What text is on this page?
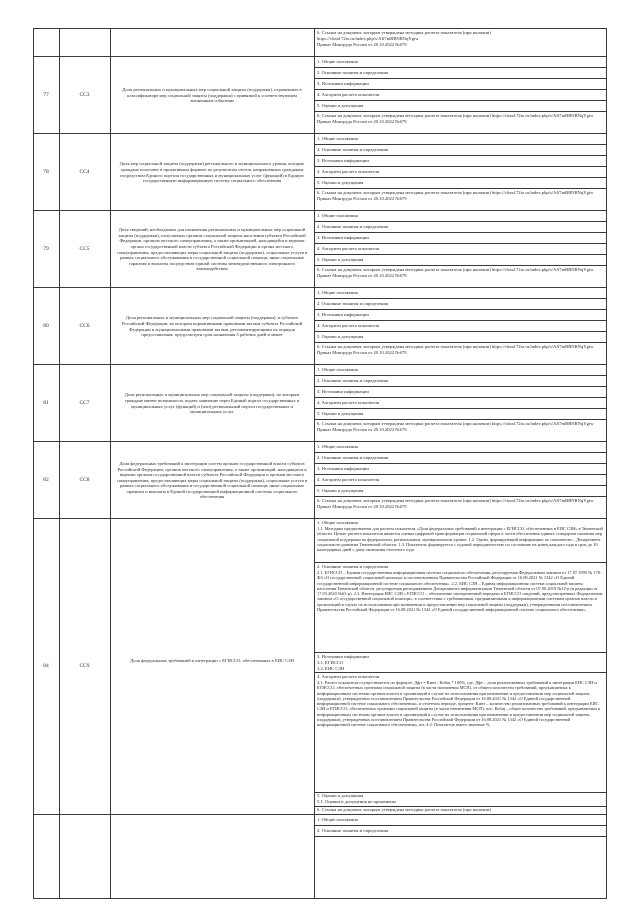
6. Ссылка на документ, которым утверждена методика расчета показателя (при наличии)
https://cloud.72to.ru/index.php/s/Aff7mBBNRNqYgiw
Приказ Минтруда России от 20.10.2022 №679
77	СС3
Доля региональных и муниципальных мер социальной защиты (поддержки), отраженных в классификаторе мер социальной защиты (поддержки) с привязкой к соответствующим жизненным событиям
1. Общие положения
2. Основные понятия и определения
3. Источники информации
4. Алгоритм расчета показателя
5. Оценки и допущения
6. Ссылка на документ, которым утверждена методика расчета показателя (при наличии) https://cloud.72to.ru/index.php/s/Aff7mBBNRNqYgiw Приказ Минтруда России от 20.10.2022 №679
78	СС4
Доля мер социальной защиты (поддержки) регионального и муниципального уровня, которые граждане получают в проактивном формате по результатам счетов, направленных гражданам посредством Единого портала государственных и муниципальных услуг (функций) в Единую государственную информационную систему социального обеспечения
1. Общие положения
2. Основные понятия и определения
3. Источники информации
4. Алгоритм расчета показателя
5. Оценки и допущения
6. Ссылка на документ, которым утверждена методика расчета показателя (при наличии) https://cloud.72to.ru/index.php/s/Aff7mBBNRNqYgiw Приказ Минтруда России от 20.10.2022 №679
79	СС5
Доля сведений, необходимых для назначения региональных и муниципальных мер социальной защиты (поддержки), получаемых органом социальной защиты населения субъекта Российской Федерации, органом местного самоуправления, а также организацией, находящейся в ведении органа государственной власти субъекта Российской Федерации и органа местного самоуправления, предоставляющих меры социальной защиты (поддержки), социальные услуги в рамках социального обслуживания и государственной социальной помощи, иные социальные гарантии и выплаты посредством единой системы межведомственного электронного взаимодействия
1. Общие положения
2. Основные понятия и определения
3. Источники информации
4. Алгоритм расчета показателя
5. Оценки и допущения
6. Ссылка на документ, которым утверждена методика расчета показателя (при наличии) https://cloud.72to.ru/index.php/s/Aff7mBBNRNqYgiw Приказ Минтруда России от 20.10.2022 №679
80	СС6
Доля региональных и муниципальных мер социальной защиты (поддержки), в субъекте Российской Федерации, во которым нормативными правовыми актами субъекта Российской Федерации и муниципальными правовыми актами, регламентирующими их порядок предоставления, предусмотрен срок назначения 5 рабочих дней и менее
1. Общие положения
2. Основные понятия и определения
3. Источники информации
4. Алгоритм расчета показателя
5. Оценки и допущения
6. Ссылка на документ, которым утверждена методика расчета показателя (при наличии) https://cloud.72to.ru/index.php/s/Aff7mBBNRNqYgiw Приказ Минтруда России от 20.10.2022 №679
81	СС7
Доля региональных и муниципальных мер социальной защиты (поддержки), по которым граждане имеют возможность подать заявление через Единый портал государственных и муниципальных услуг (функций) и (или) региональный портал государственных и муниципальных услуг
1. Общие положения
2. Основные понятия и определения
3. Источники информации
4. Алгоритм расчета показателя
5. Оценки и допущения
6. Ссылка на документ, которым утверждена методика расчета показателя (при наличии) https://cloud.72to.ru/index.php/s/Aff7mBBNRNqYgiw Приказ Минтруда России от 20.10.2022 №679
82	СС8
Доля федеральных требований к интеграции систем органов государственной власти субъекта Российской Федерации, органов местного самоуправления, а также организаций, находящихся в ведении органов государственной власти субъекта Российской Федерации и органов местного самоуправления, предоставляющих меры социальной защиты (поддержки), социальные услуги в рамках социального обслуживания и государственной социальной помощи, иные социальные гарантии и выплаты в Единой государственной информационной системы социального обеспечения
1. Общие положения
2. Основные понятия и определения
3. Источники информации
4. Алгоритм расчета показателя
5. Оценки и допущения
6. Ссылка на документ, которым утверждена методика расчета показателя (при наличии) https://cloud.72to.ru/index.php/s/Aff7mBBNRNqYgiw Приказ Минтруда России от 20.10.2022 №679
84	СС9
Доля федеральных требований к интеграции с ЕГИССО, обеспеченных в ЕИС СЗН
1. Общие положения
1.1. Методика предназначена для расчета показателя «Доля федеральных требований к интеграции с ЕГИССО, обеспеченных в ЕИС СЗН» в Тюменской области. Целью расчета показателя является оценка цифровой трансформации социальной сферы в части обеспечения единых стандартов оказания мер социальной поддержки на федеральном, региональном, муниципальном уровне. 1.2. Орган, формирующий информацию по показателю – Департамент социального развития Тюменской области. 1.3. Показатель формируется с годовой периодичностью по состоянию на конец каждого года в срок до 10 календарных дней с даты окончания отчетного года.
2. Основные понятия и определения
2.1. ЕГИССО – Единая государственная информационная система социального обеспечения, регулируемая Федеральным законом от 17.07.1999 № 178-ФЗ «О государственной социальной помощи» и постановлением Правительства Российской Федерации от 16.08.2021 № 1342 «О Единой государственной информационной системе социального обеспечения». 2.2. ЕИС СЗН – Единая информационная система социальной защиты населения Тюменской области, регулируемая распоряжением Департамента информатизации Тюменской области от 07.06.2019 №12-р (в редакции от 17.03.2020 №63-р). 2.3. Интеграция ЕИС СЗН с ЕГИССО – обеспечение своевременной передачи в ЕГИССО сведений, предусмотренных Федеральным законом «О государственной социальной помощи», в соответствии с требованиями, предъявляемыми к информационным системам органов власти и организаций в случае их использования при назначении и предоставлении мер социальной защиты (поддержки), утвержденными постановлением Правительства Российской Федерации от 16.08.2021 № 1342 «О Единой государственной информационной системе социального обеспечения».
3. Источники информации
3.1. ЕГИССО
3.2. ЕИС СЗН
4. Алгоритм расчета показателя
4.1. Расчет показателя осуществляется по формуле: Дфт = Кинт / Кобщ * 100%, где: Дфт – доля реализованных требований к интеграции ЕИС СЗН и ЕГИССО, обеспеченных органами социальной защиты (в части назначения МСП), от общего количества требований, предъявляемых к информационным системам органов власти и организаций в случае их использования при назначении и предоставлении мер социальной защиты (поддержки), утвержденных постановлением Правительства Российской Федерации от 16.08.2021 № 1342 «О Единой государственной информационной системе социального обеспечения», в отчетном периоде, процент; Кинт – количество реализованных требований к интеграции ЕИС СЗН и ЕГИССО, обеспеченных органами социальной защиты (в части назначения МСП), шт.; Кобщ – общее количество требований, предъявляемых к информационным системам органов власти и организаций в случае их использования при назначении и предоставлении мер социальной защиты (поддержки), утвержденных постановлением Правительства Российской Федерации от 16.08.2021 № 1342 «О Единой государственной информационной системе социального обеспечения», шт. 4.2. Показатель имеет значение %.
5. Оценки и допущения
5.1. Оценки и допущения не применены
6. Ссылка на документ, которым утверждена методика расчета показателя (при наличии)
1. Общие положения
2. Основные понятия и определения
